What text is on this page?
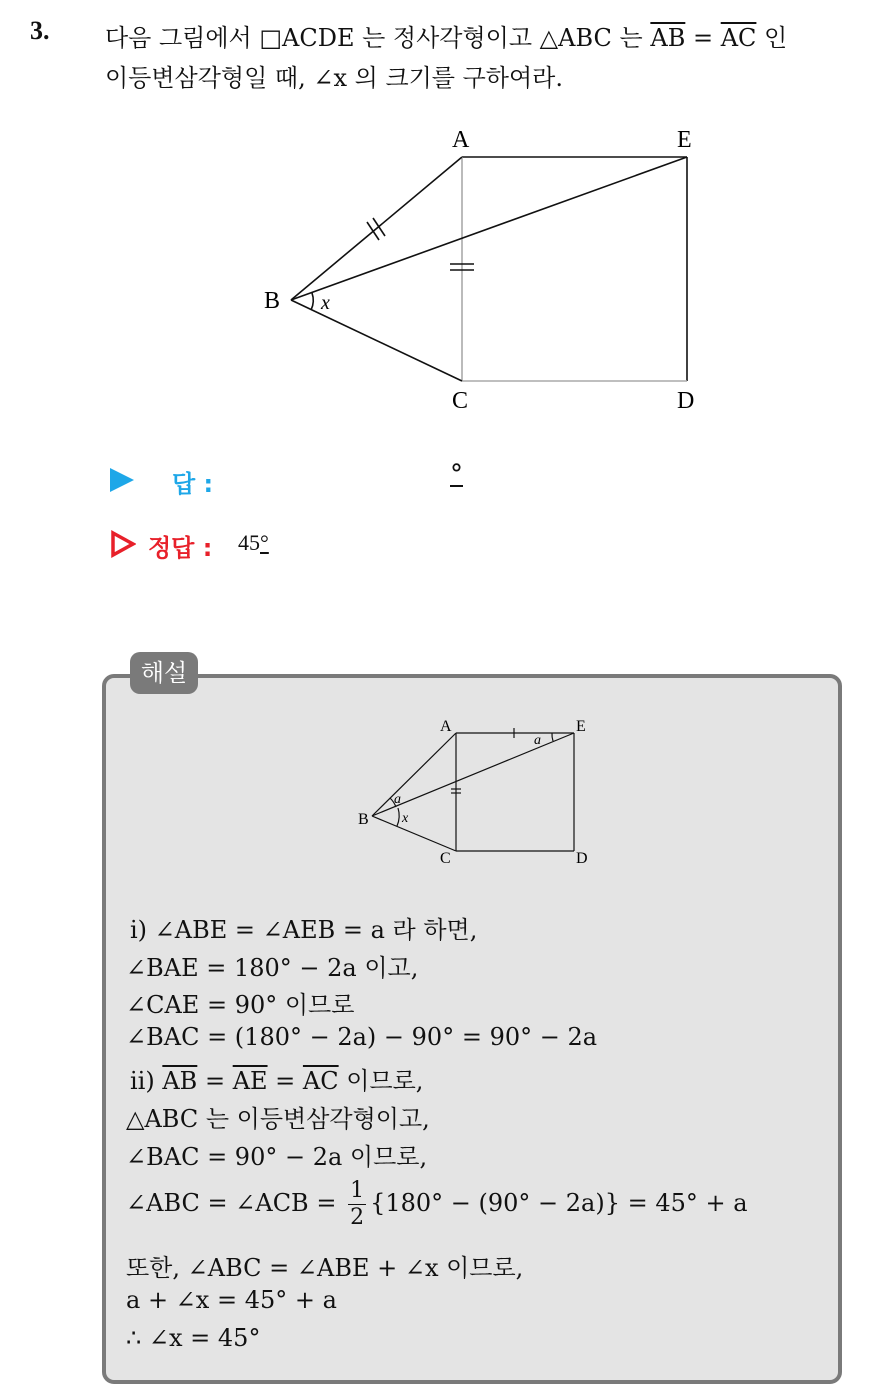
3. 다음 그림에서 □ACDE 는 정사각형이고 △ABC 는 $\overline{AB} = \overline{AC}$ 인
이등변삼각형일 때, ∠x 의 크기를 구하여라.
A	E
B
C	D
x
답 :	°
정답 : 45°
해설
A	E
B
C	D
a
a
x
ⅰ) ∠ABE = ∠AEB = a 라 하면,
∠BAE = 180° − 2a 이고,
∠CAE = 90° 이므로
∠BAC = (180° − 2a) − 90° = 90° − 2a
ⅱ) $\overline{AB} = \overline{AE} = \overline{AC}$ 이므로,
△ABC 는 이등변삼각형이고,
∠BAC = 90° − 2a 이므로,
∠ABC = ∠ACB = $\frac{1}{2} \{180^\circ - (90^\circ - 2a)\} = 45^\circ + a$
또한, ∠ABC = ∠ABE + ∠x 이므로,
a + ∠x = 45° + a
∴ ∠x = 45°
